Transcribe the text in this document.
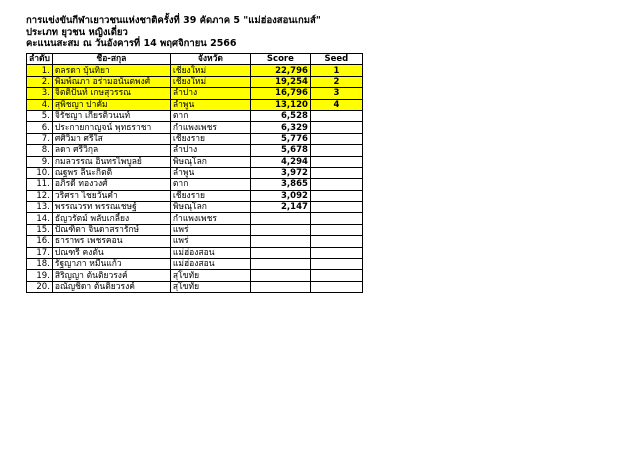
การแข่งขันกีฬาเยาวชนแห่งชาติครั้งที่ 39 คัดภาค 5 "แม่ฮ่องสอนเกมส์"
ประเภท ยุวชน หญิงเดี่ยว
คะแนนสะสม ณ วันอังคารที่ 14 พฤศจิกายน 2566
ลำดับ	ชื่อ-สกุล	จังหวัด	Score	Seed
1.	ดลรดา บุ้นทิยา	เชียงใหม่	22,796	1
2.	พิมพ์ณภา อร่ามอนันตพงศ์	เชียงใหม่	19,254	2
3.	จิตติปันท์ เกษสุวรรณ	ลำปาง	16,796	3
4.	สุพิชญา ปาคัม	ลำพูน	13,120	4
5.	จิรัชญา เกียรติวนนท์	ตาก	6,528	
6.	ประกายกาญจน์ พุทธราชา	กำแพงเพชร	6,329	
7.	ศศิวิมา ศรีใส	เชียงราย	5,776	
8.	ลดา ศรีวิกุล	ลำปาง	5,678	
9.	กมลวรรณ อินทรไพบูลย์	พิษณุโลก	4,294	
10.	ณฐพร ลีนะกิตติ	ลำพูน	3,972	
11.	อภิรดี ทองวงศ์	ตาก	3,865	
12.	วริศรา ไชยวันคำ	เชียงราย	3,092	
13.	พรรณวรท พรรณเชษฐ์	พิษณุโลก	2,147	
14.	ธัญวรัตม์ พลับเกลี้ยง	กำแพงเพชร		
15.	ปัณฑิตา จินดาสรารักษ์	แพร่		
16.	ธาราพร เพชรคอน	แพร่		
17.	ปณฑรี คงตัน	แม่ฮ่องสอน		
18.	รัฐญาภา หมื่นแก้ว	แม่ฮ่องสอน		
19.	สิริญญา ต้นติยวรงค์	สุโขทัย		
20.	อณัญชิดา ต้นติยวรงค์	สุโขทัย		
